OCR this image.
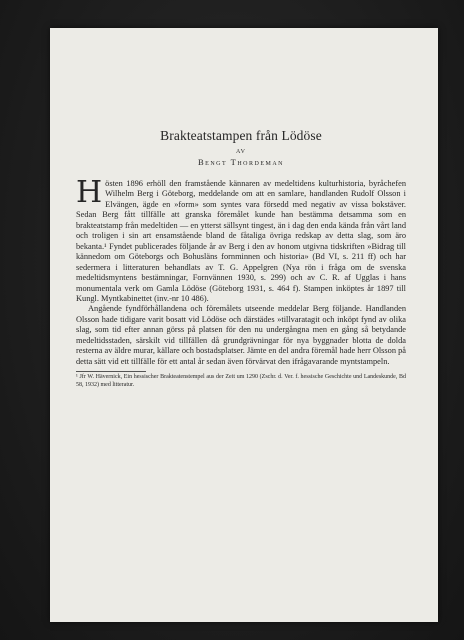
Brakteatstampen från Lödöse
AV
Bengt Thordeman

Hösten 1896 erhöll den framstående kännaren av medeltidens kulturhistoria, byråchefen Wilhelm Berg i Göteborg, meddelande om att en samlare, handlanden Rudolf Olsson i Elvängen, ägde en »form» som syntes vara försedd med negativ av vissa bokstäver. Sedan Berg fått tillfälle att granska föremålet kunde han bestämma detsamma som en brakteatstamp från medeltiden — en ytterst sällsynt tingest, än i dag den enda kända från vårt land och troligen i sin art ensamstående bland de fåtaliga övriga redskap av detta slag, som äro bekanta.¹ Fyndet publicerades följande år av Berg i den av honom utgivna tidskriften »Bidrag till kännedom om Göteborgs och Bohusläns fornminnen och historia» (Bd VI, s. 211 ff) och har sedermera i litteraturen behandlats av T. G. Appelgren (Nya rön i fråga om de svenska medeltidsmyntens bestämningar, Fornvännen 1930, s. 299) och av C. R. af Ugglas i hans monumentala verk om Gamla Lödöse (Göteborg 1931, s. 464 f). Stampen inköptes år 1897 till Kungl. Myntkabinettet (inv.-nr 10 486).

Angående fyndförhållandena och föremålets utseende meddelar Berg följande. Handlanden Olsson hade tidigare varit bosatt vid Lödöse och därstädes »tillvaratagit och inköpt fynd av olika slag, som tid efter annan görss på platsen för den nu undergångna men en gång så betydande medeltidsstaden, särskilt vid tillfällen då grundgrävningar för nya byggnader blotta de dolda resterna av äldre murar, källare och bostadsplatser. Jämte en del andra föremål hade herr Olsson på detta sätt vid ett tillfälle för ett antal år sedan även förvärvat den ifrågavarande myntstampeln.

¹ Jfr W. Hävernick, Ein hessischer Brakteatenstempel aus der Zeit um 1290 (Zschr. d. Ver. f. hessische Geschichte und Landeskunde, Bd 58, 1932) med litteratur.
